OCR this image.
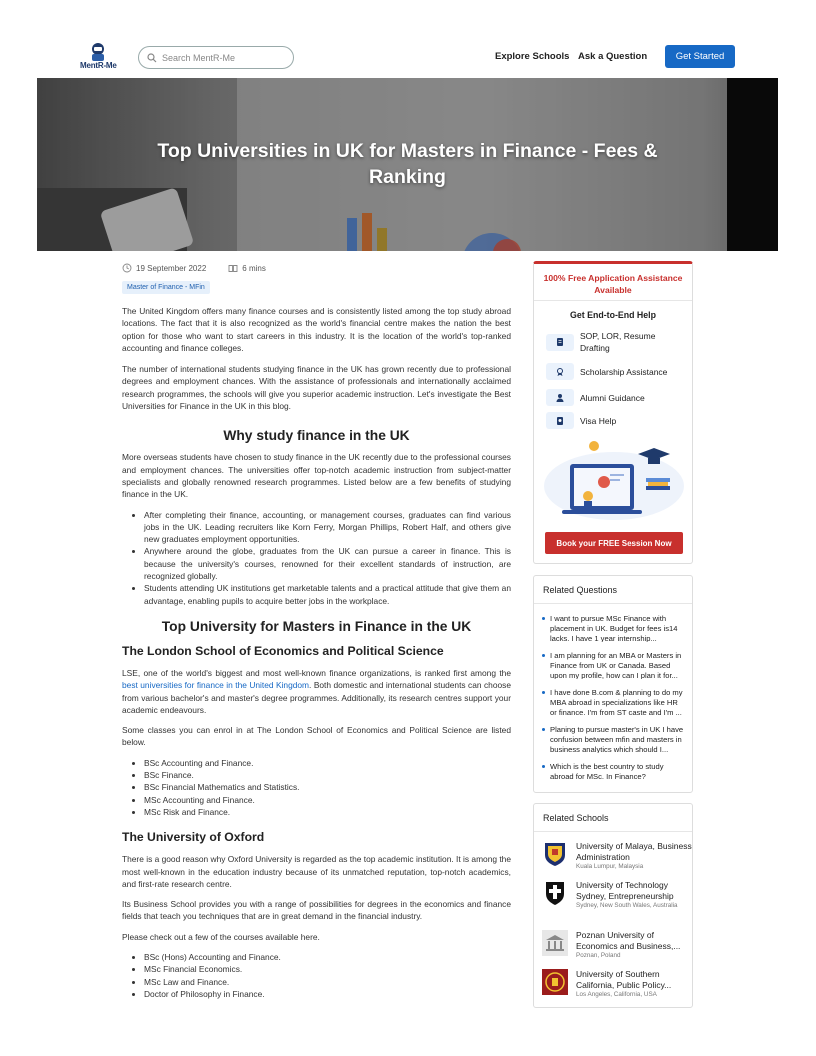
MentR-Me
Search MentR-Me
Explore Schools Ask a Question	Get Started
Top Universities in UK for Masters in Finance - Fees & Ranking
19 September 2022	6 mins
Master of Finance - MFin

The United Kingdom offers many finance courses and is consistently listed among the top study abroad locations. The fact that it is also recognized as the world's financial centre makes the nation the best option for those who want to start careers in this industry. It is the location of the world's top-ranked accounting and finance colleges.

The number of international students studying finance in the UK has grown recently due to professional degrees and employment chances. With the assistance of professionals and internationally acclaimed research programmes, the schools will give you superior academic instruction. Let's investigate the Best Universities for Finance in the UK in this blog.

Why study finance in the UK

More overseas students have chosen to study finance in the UK recently due to the professional courses and employment chances. The universities offer top-notch academic instruction from subject-matter specialists and globally renowned research programmes. Listed below are a few benefits of studying finance in the UK.

• After completing their finance, accounting, or management courses, graduates can find various jobs in the UK. Leading recruiters like Korn Ferry, Morgan Phillips, Robert Half, and others give new graduates employment opportunities.
• Anywhere around the globe, graduates from the UK can pursue a career in finance. This is because the university's courses, renowned for their excellent standards of instruction, are recognized globally.
• Students attending UK institutions get marketable talents and a practical attitude that give them an advantage, enabling pupils to acquire better jobs in the workplace.
Top University for Masters in Finance in the UK
The London School of Economics and Political Science

LSE, one of the world's biggest and most well-known finance organizations, is ranked first among the best universities for finance in the United Kingdom. Both domestic and international students can choose from various bachelor's and master's degree programmes. Additionally, its research centres support your academic endeavours.

Some classes you can enrol in at The London School of Economics and Political Science are listed below.

• BSc Accounting and Finance.
• BSc Finance.
• BSc Financial Mathematics and Statistics.
• MSc Accounting and Finance.
• MSc Risk and Finance.
The University of Oxford

There is a good reason why Oxford University is regarded as the top academic institution. It is among the most well-known in the education industry because of its unmatched reputation, top-notch academics, and first-rate research centre.

Its Business School provides you with a range of possibilities for degrees in the economics and finance fields that teach you techniques that are in great demand in the financial industry.

Please check out a few of the courses available here.

• BSc (Hons) Accounting and Finance.
• MSc Financial Economics.
• MSc Law and Finance.
• Doctor of Philosophy in Finance.
100% Free Application Assistance Available
Get End-to-End Help
SOP, LOR, Resume Drafting
Scholarship Assistance
Alumni Guidance
Visa Help
Book your FREE Session Now
Related Questions
I want to pursue MSc Finance with placement in UK. Budget for fees is14 lacks. I have 1 year internship...
I am planning for an MBA or Masters in Finance from UK or Canada. Based upon my profile, how can I plan it for...
I have done B.com & planning to do my MBA abroad in specializations like HR or finance. I'm from ST caste and I'm ...
Planing to pursue master's in UK I have confusion between mfin and masters in business analytics which should I...
Which is the best country to study abroad for MSc. In Finance?
Related Schools
University of Malaya, Business Administration
Kuala Lumpur, Malaysia
University of Technology Sydney, Entrepreneurship
Sydney, New South Wales, Australia
Poznan University of Economics and Business,...
Poznan, Poland
University of Southern California, Public Policy...
Los Angeles, California, USA
